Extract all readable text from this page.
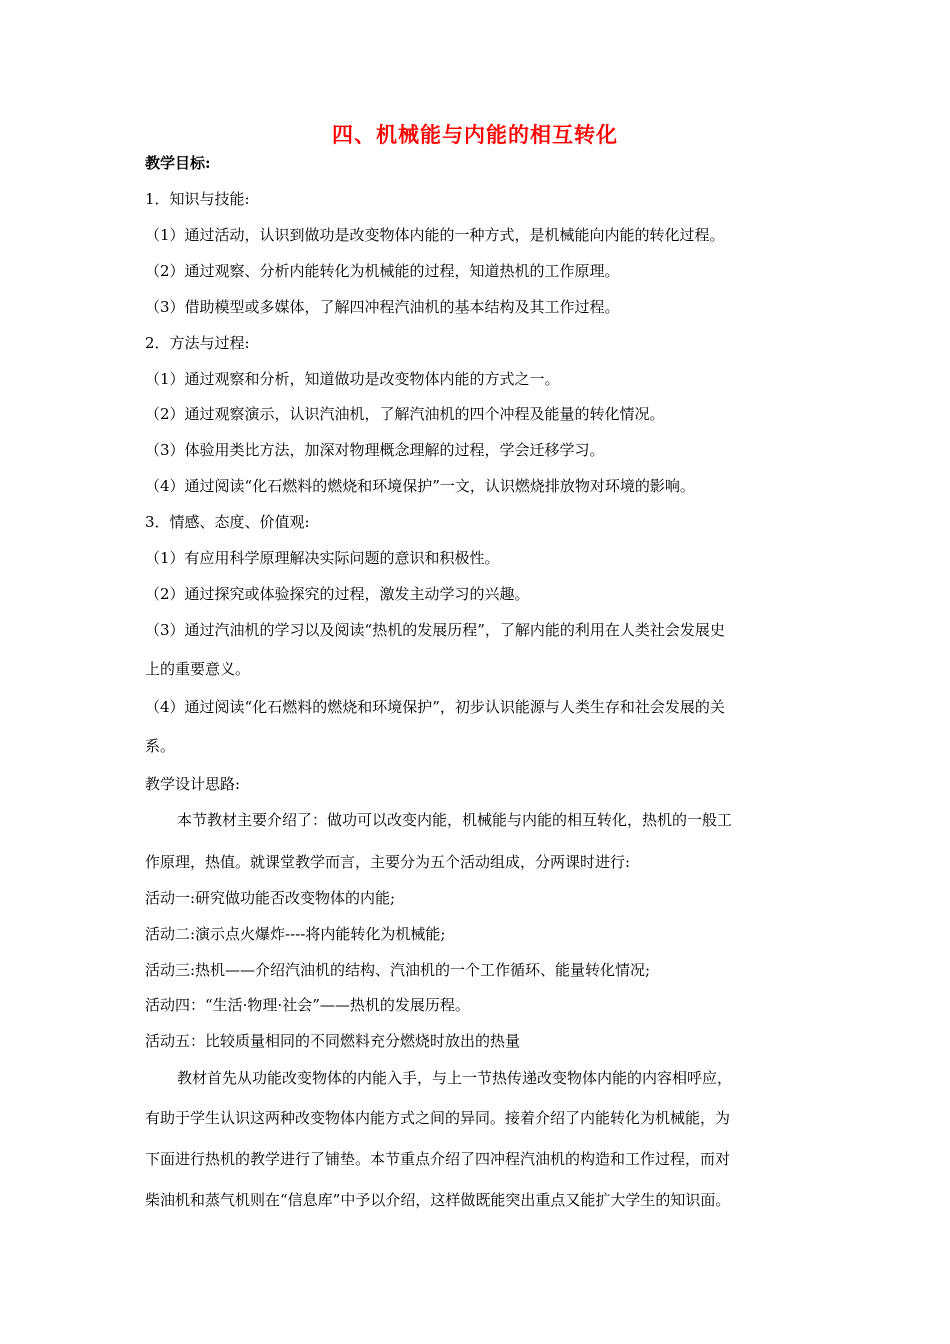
四、机械能与内能的相互转化
教学目标:
1．知识与技能:
（1）通过活动，认识到做功是改变物体内能的一种方式，是机械能向内能的转化过程。
（2）通过观察、分析内能转化为机械能的过程，知道热机的工作原理。
（3）借助模型或多媒体，了解四冲程汽油机的基本结构及其工作过程。
2．方法与过程:
（1）通过观察和分析，知道做功是改变物体内能的方式之一。
（2）通过观察演示，认识汽油机，了解汽油机的四个冲程及能量的转化情况。
（3）体验用类比方法，加深对物理概念理解的过程，学会迁移学习。
（4）通过阅读“化石燃料的燃烧和环境保护”一文，认识燃烧排放物对环境的影响。
3．情感、态度、价值观:
（1）有应用科学原理解决实际问题的意识和积极性。
（2）通过探究或体验探究的过程，激发主动学习的兴趣。
（3）通过汽油机的学习以及阅读“热机的发展历程”，了解内能的利用在人类社会发展史
上的重要意义。
（4）通过阅读“化石燃料的燃烧和环境保护”，初步认识能源与人类生存和社会发展的关
系。
教学设计思路:
本节教材主要介绍了：做功可以改变内能，机械能与内能的相互转化，热机的一般工
作原理，热值。就课堂教学而言，主要分为五个活动组成，分两课时进行:
活动一:研究做功能否改变物体的内能;
活动二:演示点火爆炸----将内能转化为机械能;
活动三:热机——介绍汽油机的结构、汽油机的一个工作循环、能量转化情况;
活动四：“生活·物理·社会”——热机的发展历程。
活动五：比较质量相同的不同燃料充分燃烧时放出的热量
教材首先从功能改变物体的内能入手，与上一节热传递改变物体内能的内容相呼应，
有助于学生认识这两种改变物体内能方式之间的异同。接着介绍了内能转化为机械能，为
下面进行热机的教学进行了铺垫。本节重点介绍了四冲程汽油机的构造和工作过程，而对
柴油机和蒸气机则在“信息库”中予以介绍，这样做既能突出重点又能扩大学生的知识面。
